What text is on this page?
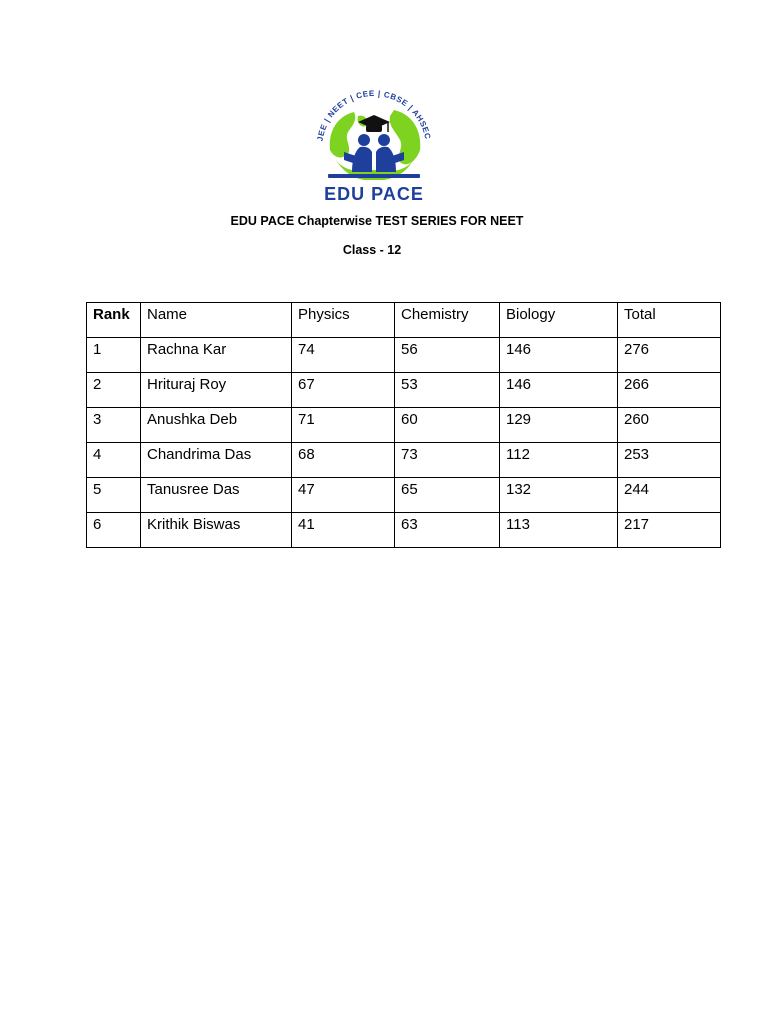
JEE | NEET | CEE | CBSE | AHSEC
EDU PACE
EDU PACE Chapterwise TEST SERIES FOR NEET
Class - 12
Rank	Name	Physics	Chemistry	Biology	Total
1	Rachna Kar	74	56	146	276
2	Hrituraj Roy	67	53	146	266
3	Anushka Deb	71	60	129	260
4	Chandrima Das	68	73	112	253
5	Tanusree Das	47	65	132	244
6	Krithik Biswas	41	63	113	217
